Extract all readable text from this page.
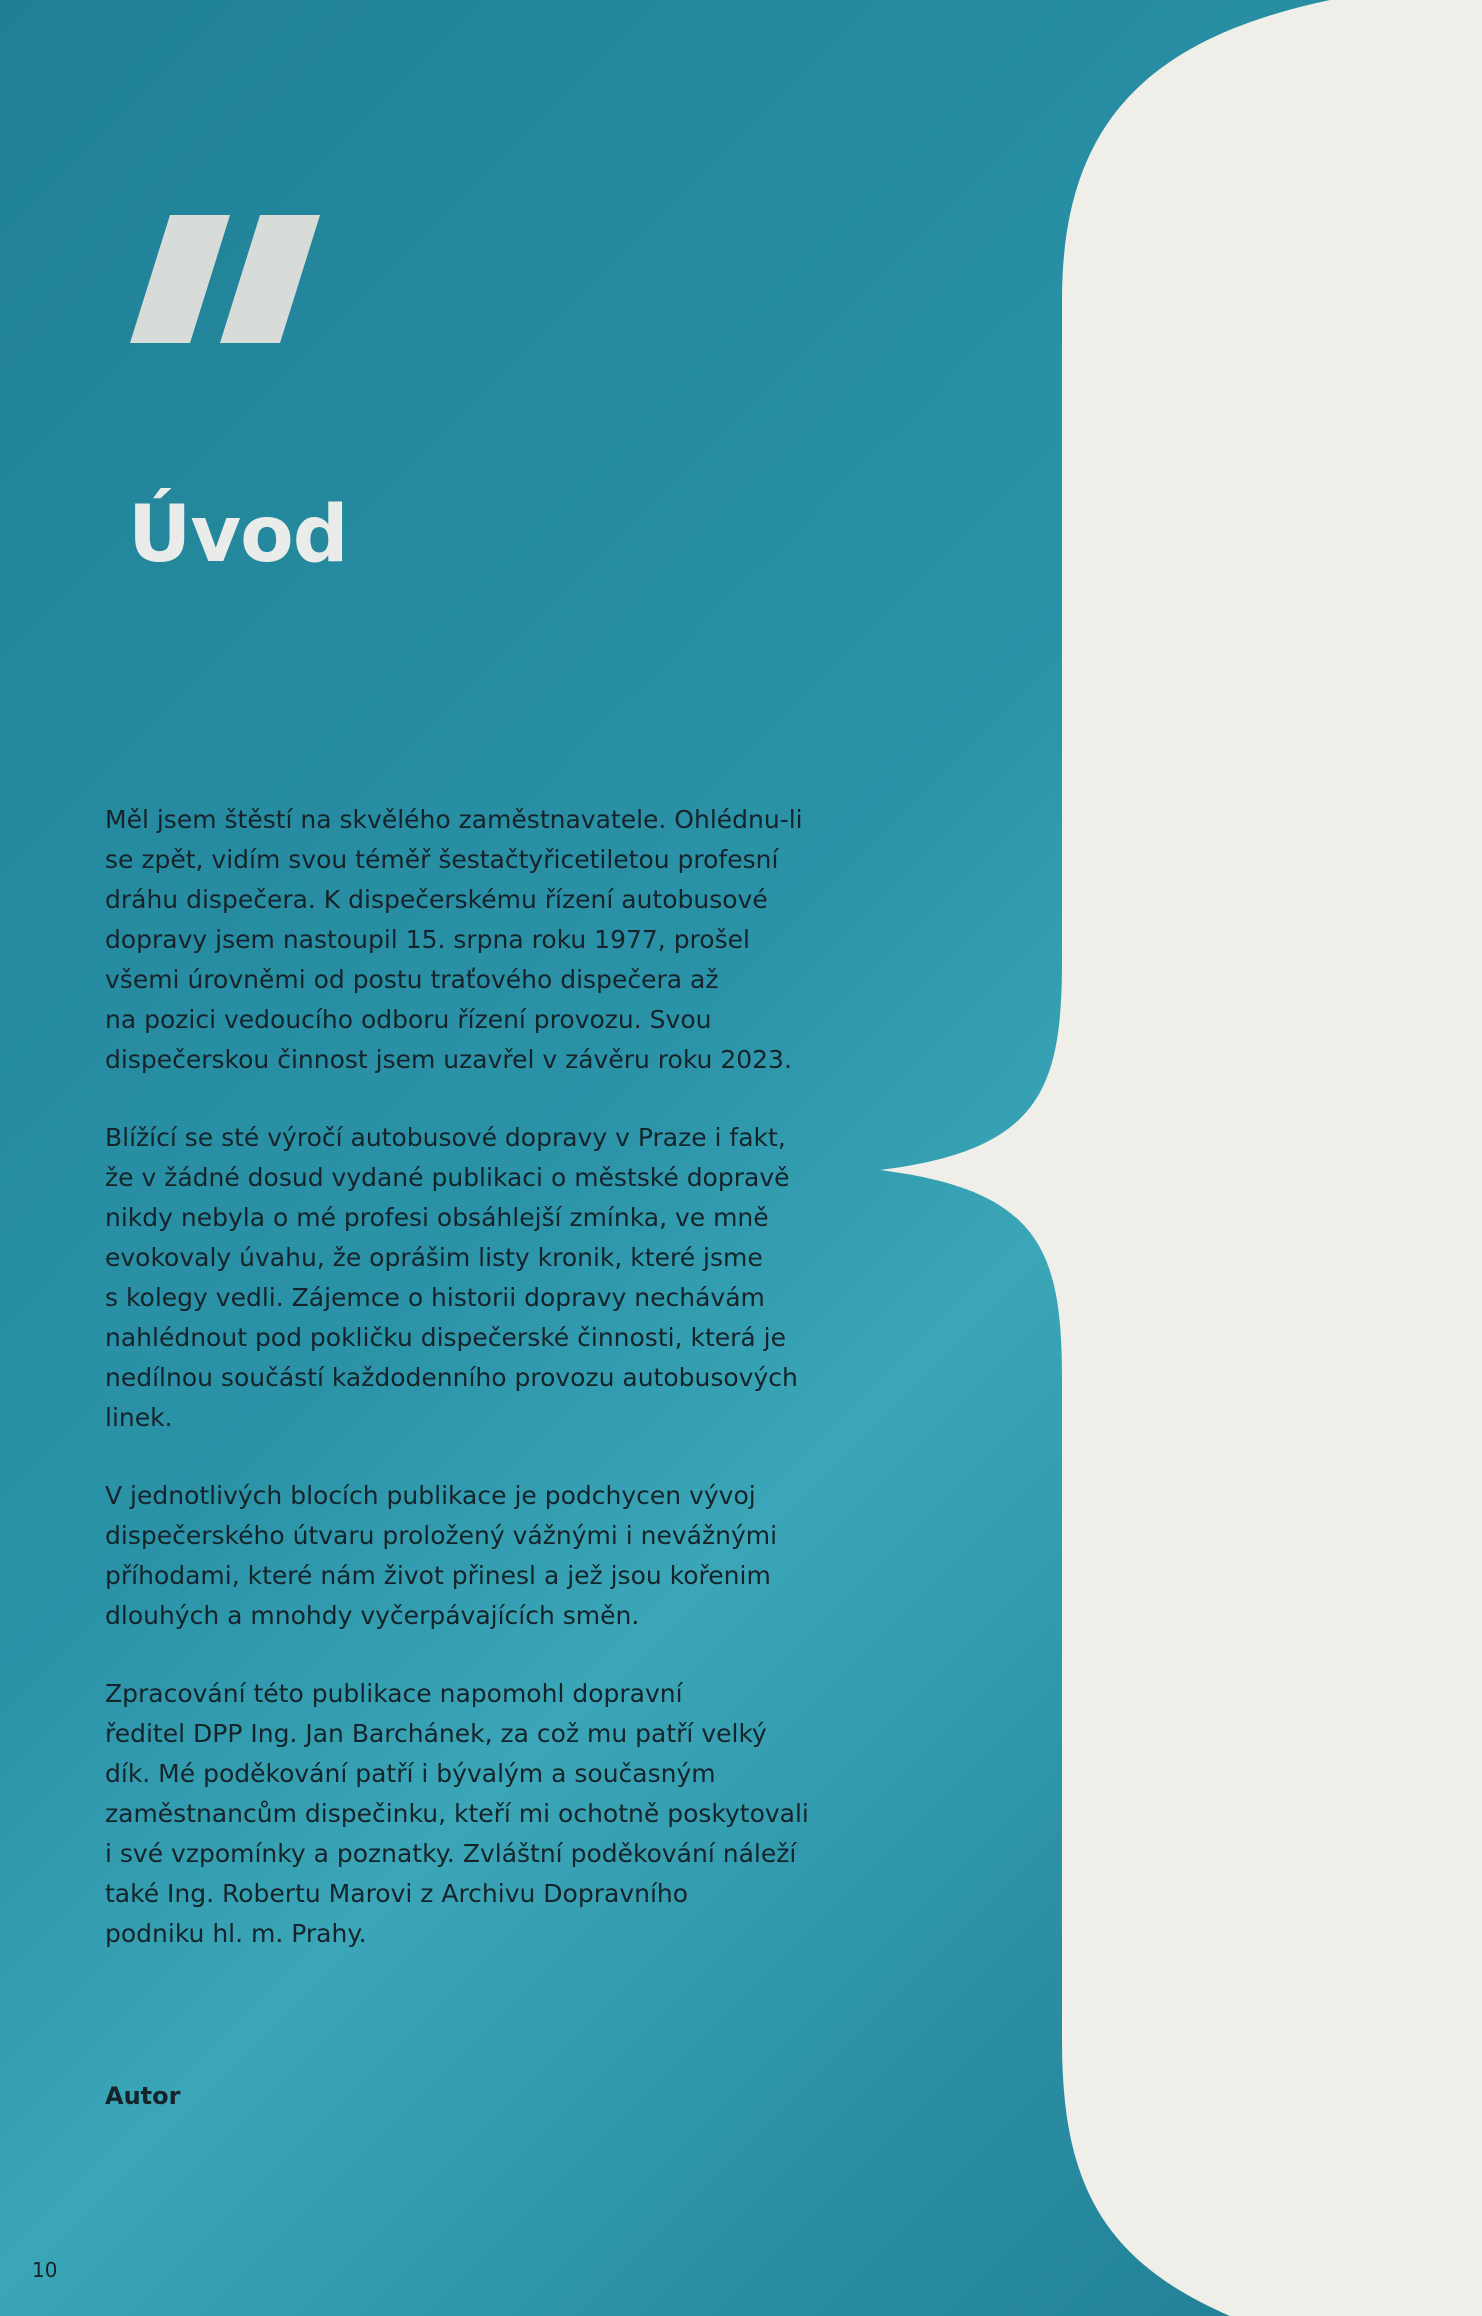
Úvod

Měl jsem štěstí na skvělého zaměstnavatele. Ohlédnu-li
se zpět, vidím svou téměř šestačtyřicetiletou profesní
dráhu dispečera. K dispečerskému řízení autobusové
dopravy jsem nastoupil 15. srpna roku 1977, prošel
všemi úrovněmi od postu traťového dispečera až
na pozici vedoucího odboru řízení provozu. Svou
dispečerskou činnost jsem uzavřel v závěru roku 2023.

Blížící se sté výročí autobusové dopravy v Praze i fakt,
že v žádné dosud vydané publikaci o městské dopravě
nikdy nebyla o mé profesi obsáhlejší zmínka, ve mně
evokovaly úvahu, že oprášim listy kronik, které jsme
s kolegy vedli. Zájemce o historii dopravy nechávám
nahlédnout pod pokličku dispečerské činnosti, která je
nedílnou součástí každodenního provozu autobusových
linek.

V jednotlivých blocích publikace je podchycen vývoj
dispečerského útvaru proložený vážnými i nevážnými
příhodami, které nám život přinesl a jež jsou kořenim
dlouhých a mnohdy vyčerpávajících směn.

Zpracování této publikace napomohl dopravní
ředitel DPP Ing. Jan Barchánek, za což mu patří velký
dík. Mé poděkování patří i bývalým a současným
zaměstnancům dispečinku, kteří mi ochotně poskytovali
i své vzpomínky a poznatky. Zvláštní poděkování náleží
také Ing. Robertu Marovi z Archivu Dopravního
podniku hl. m. Prahy.

Autor

10
